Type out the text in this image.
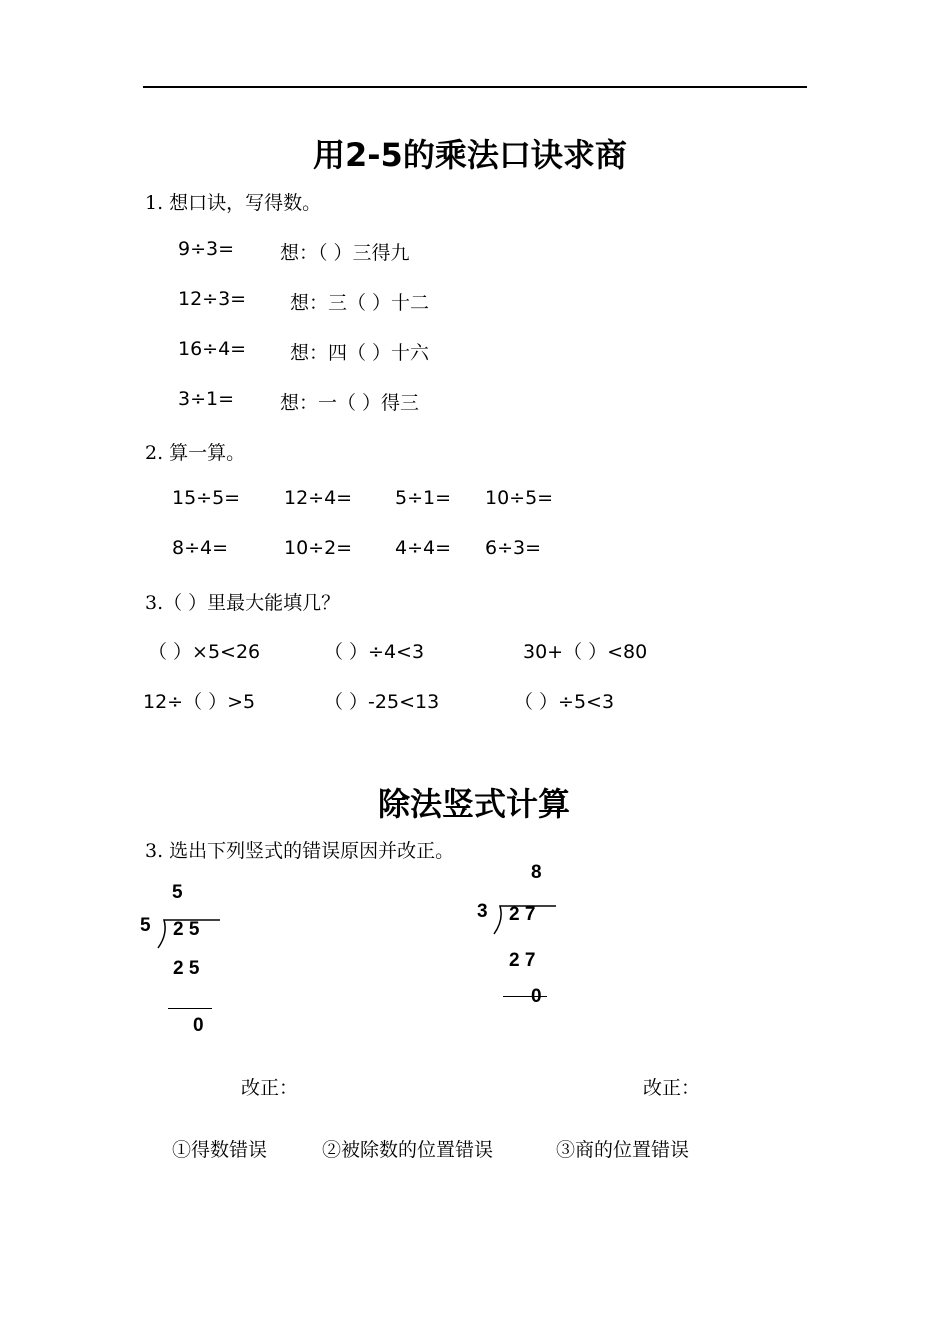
用2-5的乘法口诀求商
1. 想口诀，写得数。
9÷3= 想：（ ）三得九
12÷3= 想：三（ ）十二
16÷4= 想：四（ ）十六
3÷1= 想：一（ ）得三
2. 算一算。
15÷5= 12÷4= 5÷1= 10÷5=
8÷4=	10÷2= 4÷4= 6÷3=
3.（ ）里最大能填几？
（ ）×5<26	（ ）÷4<3	30+（ ）<80
12÷（ ）>5	（ ）-25<13	（ ）÷5<3
除法竖式计算
3. 选出下列竖式的错误原因并改正。
5
5 2 5
2 5
0
8
3 2 7
2 7
0
改正：	改正：
①得数错误	②被除数的位置错误	③商的位置错误
